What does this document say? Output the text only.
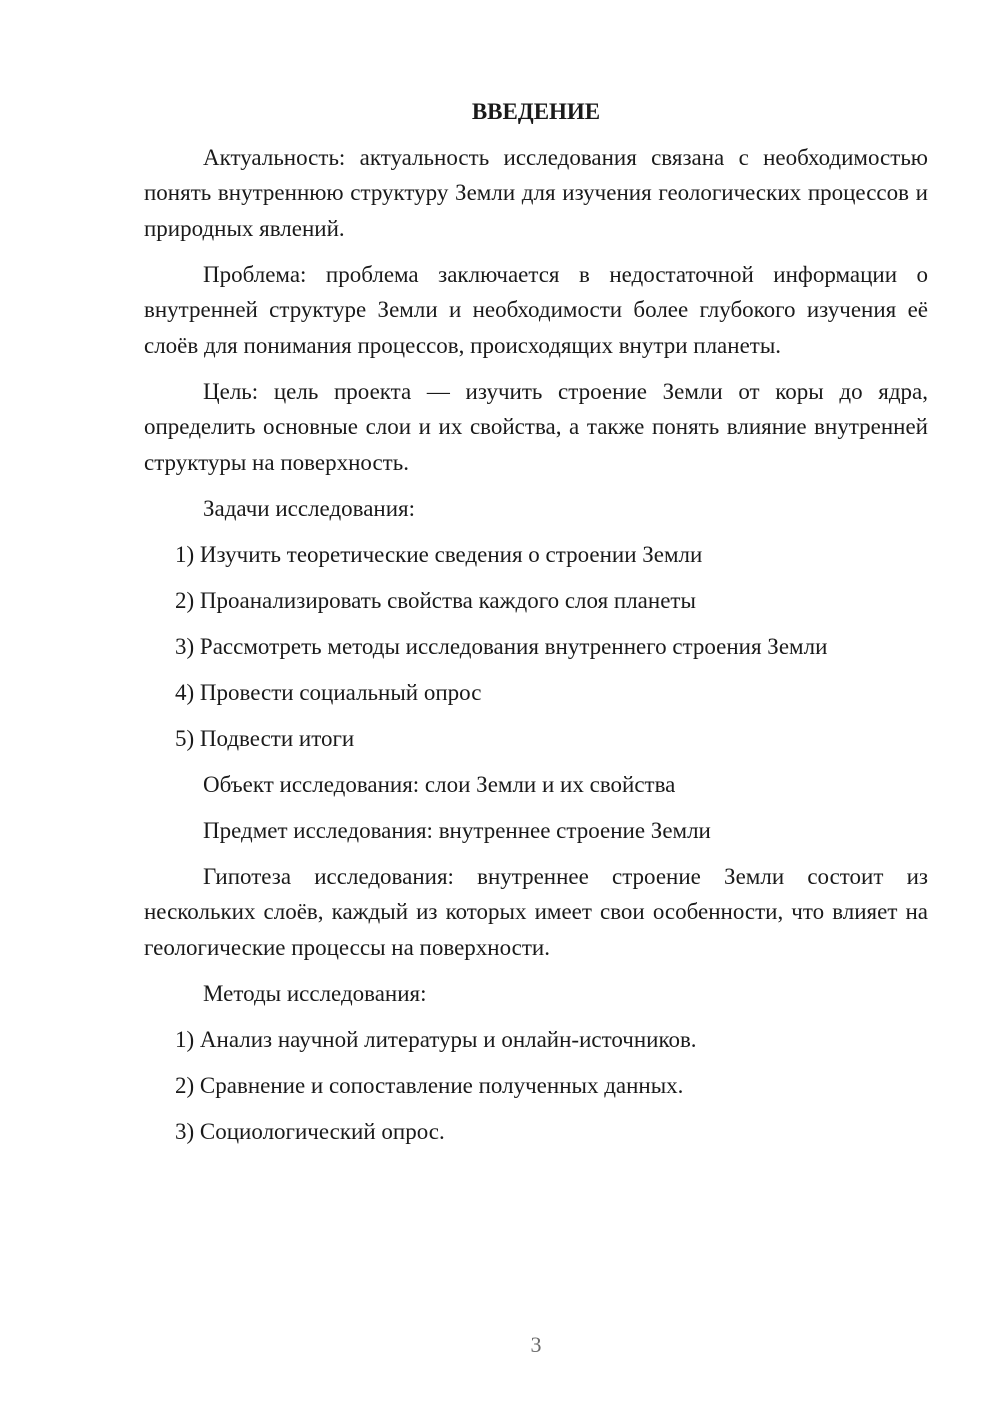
ВВЕДЕНИЕ

Актуальность: актуальность исследования связана с необходимостью понять внутреннюю структуру Земли для изучения геологических процессов и природных явлений.

Проблема: проблема заключается в недостаточной информации о внутренней структуре Земли и необходимости более глубокого изучения её слоёв для понимания процессов, происходящих внутри планеты.

Цель: цель проекта — изучить строение Земли от коры до ядра, определить основные слои и их свойства, а также понять влияние внутренней структуры на поверхность.

Задачи исследования:

1) Изучить теоретические сведения о строении Земли

2) Проанализировать свойства каждого слоя планеты

3) Рассмотреть методы исследования внутреннего строения Земли

4) Провести социальный опрос

5) Подвести итоги

Объект исследования: слои Земли и их свойства

Предмет исследования: внутреннее строение Земли

Гипотеза исследования: внутреннее строение Земли состоит из нескольких слоёв, каждый из которых имеет свои особенности, что влияет на геологические процессы на поверхности.

Методы исследования:

1) Анализ научной литературы и онлайн-источников.

2) Сравнение и сопоставление полученных данных.

3) Социологический опрос.

3
